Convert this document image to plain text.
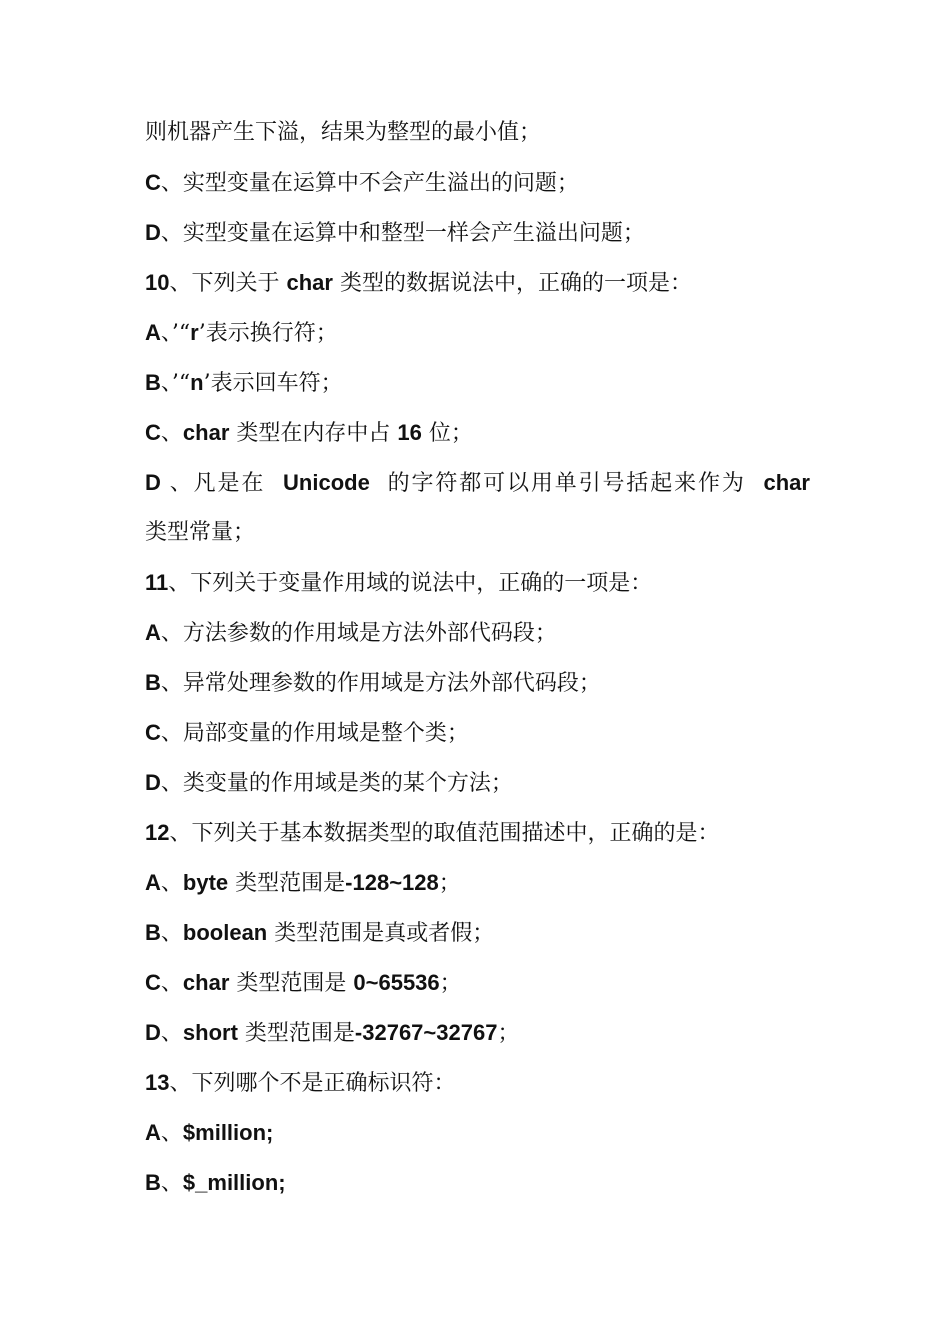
则机器产生下溢，结果为整型的最小值；
C、实型变量在运算中不会产生溢出的问题；
D、实型变量在运算中和整型一样会产生溢出问题；
10、下列关于 char 类型的数据说法中，正确的一项是：
A、’“r’表示换行符；
B、’“n’表示回车符；
C、char 类型在内存中占 16 位；
D 、凡是在  Unicode  的字符都可以用单引号括起来作为  char
类型常量；
11、下列关于变量作用域的说法中，正确的一项是：
A、方法参数的作用域是方法外部代码段；
B、异常处理参数的作用域是方法外部代码段；
C、局部变量的作用域是整个类；
D、类变量的作用域是类的某个方法；
12、下列关于基本数据类型的取值范围描述中，正确的是：
A、byte 类型范围是-128~128；
B、boolean 类型范围是真或者假；
C、char 类型范围是 0~65536；
D、short 类型范围是-32767~32767；
13、下列哪个不是正确标识符：
A、$million;
B、$_million;
